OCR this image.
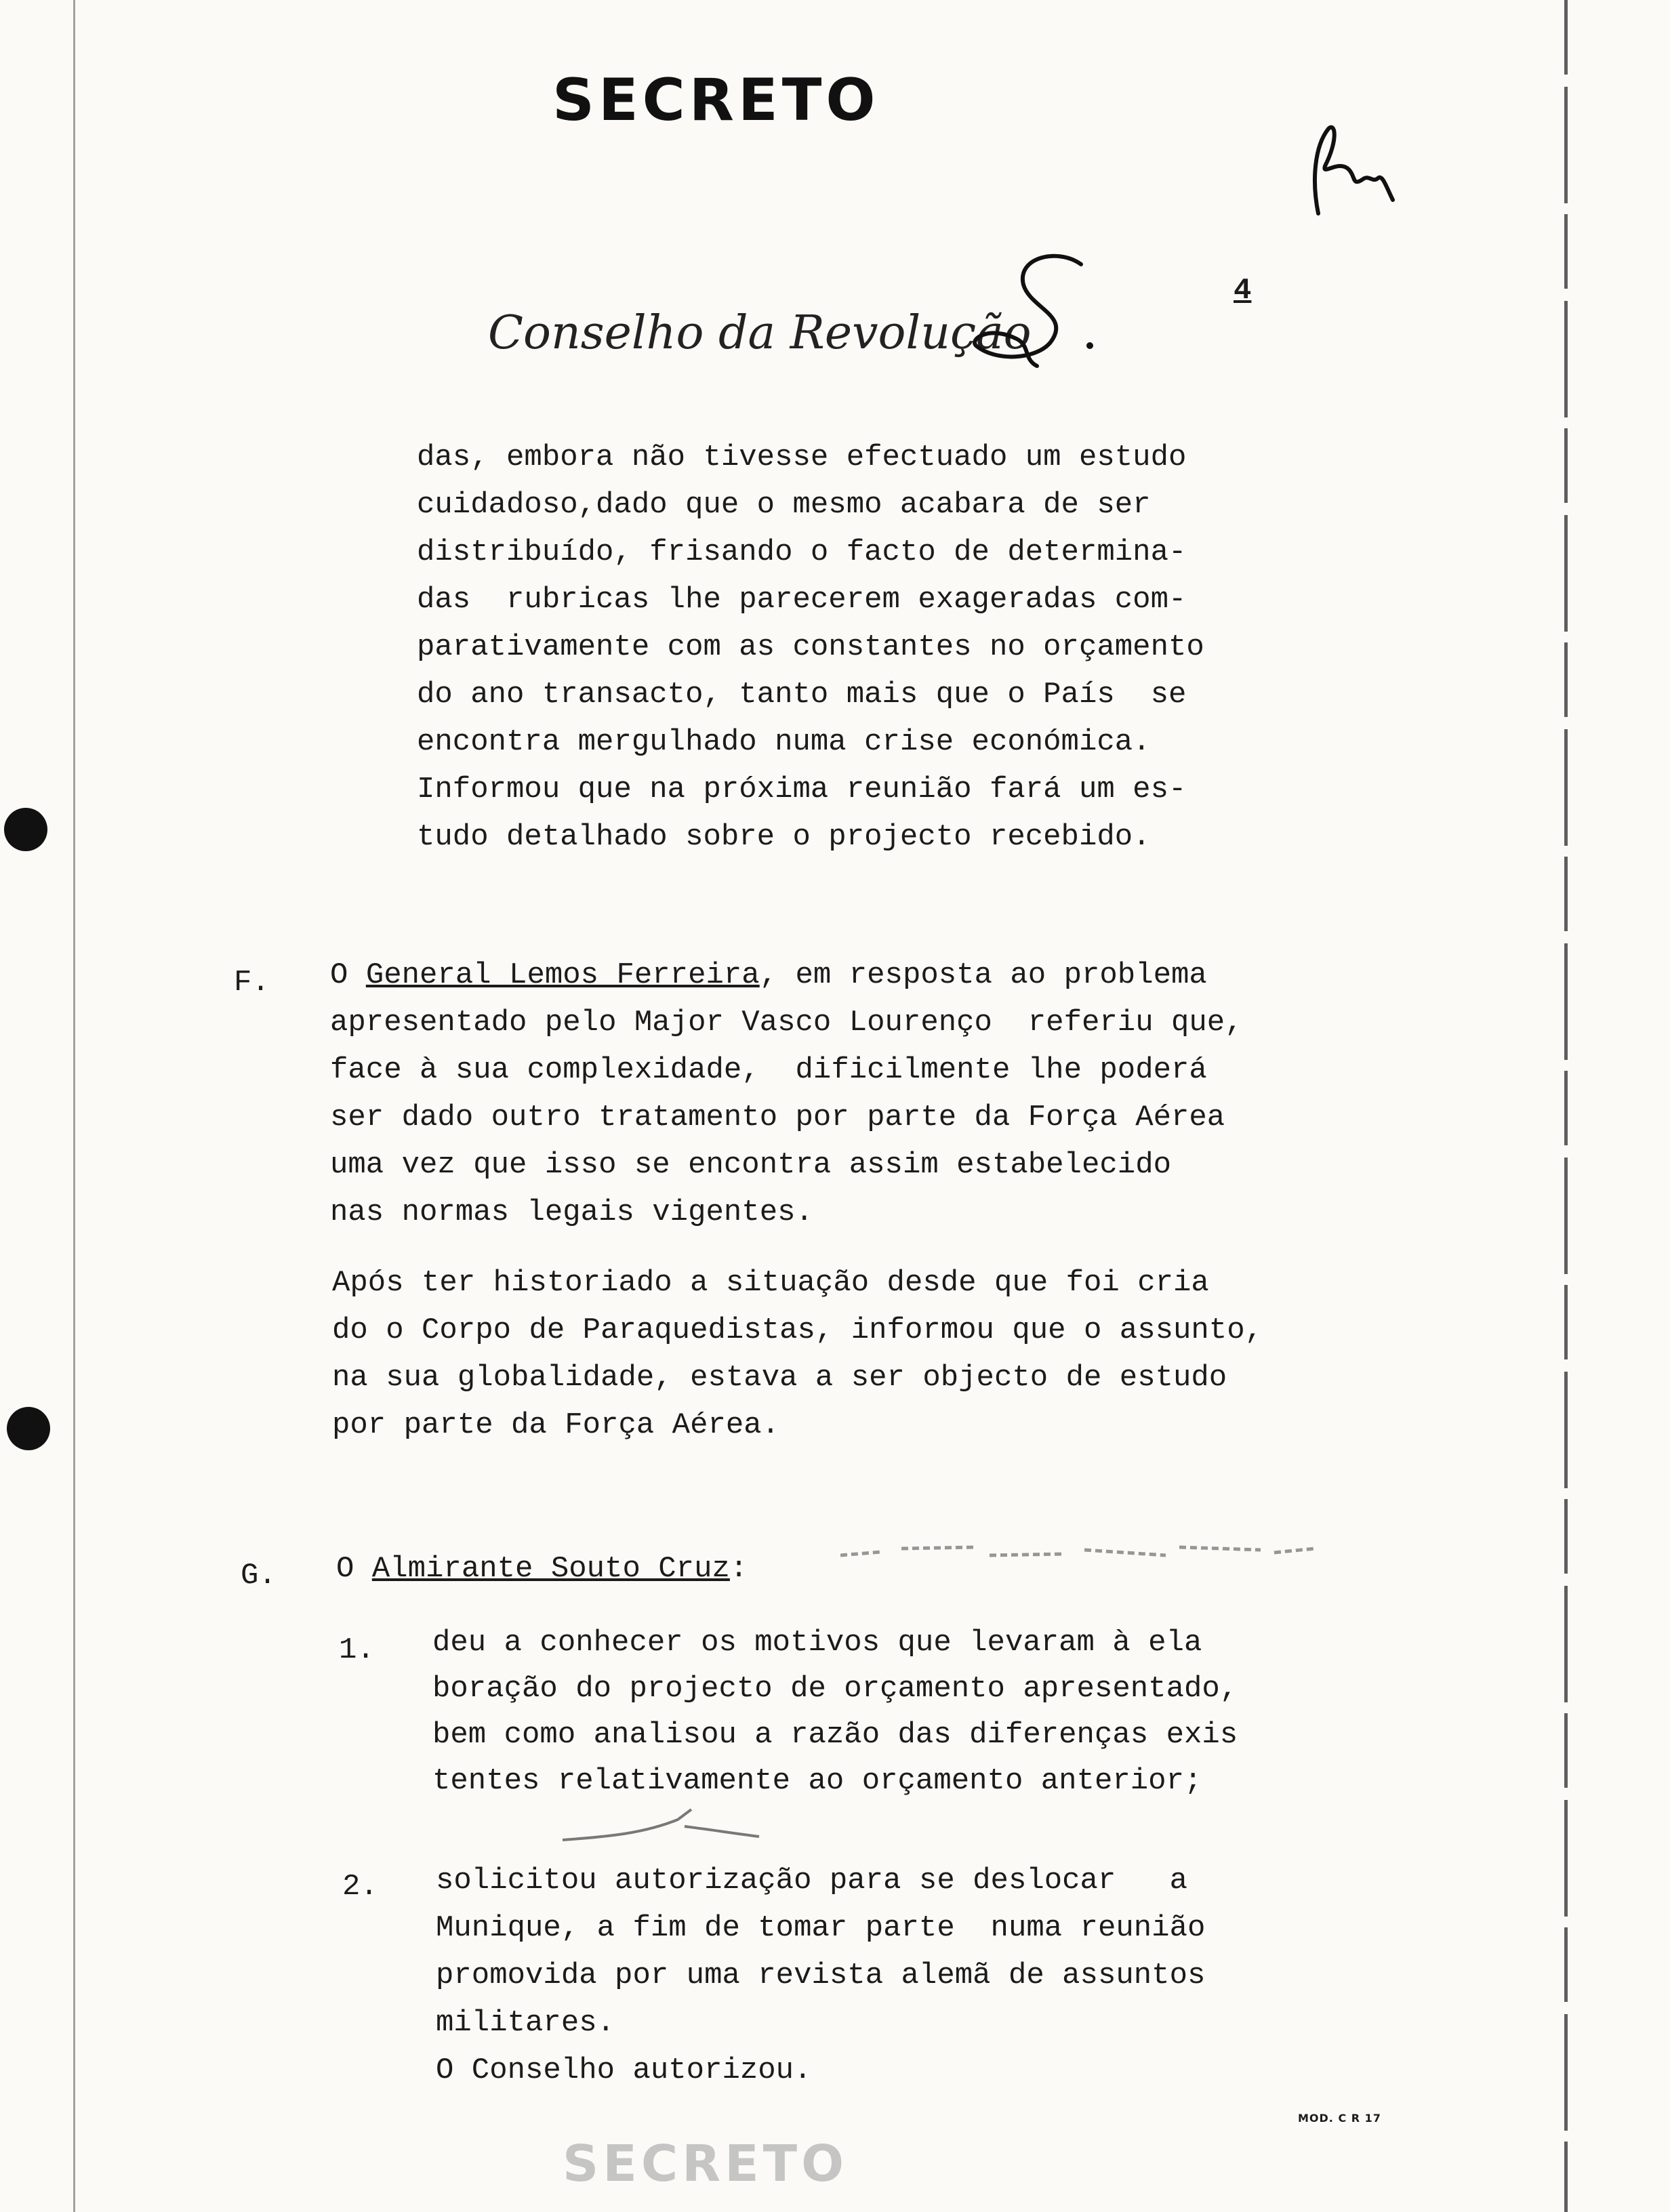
SECRETO
Conselho da Revolução
4

das, embora não tivesse efectuado um estudo
cuidadoso,dado que o mesmo acabara de ser
distribuído, frisando o facto de determina-
das  rubricas lhe parecerem exageradas com-
parativamente com as constantes no orçamento
do ano transacto, tanto mais que o País  se
encontra mergulhado numa crise económica.
Informou que na próxima reunião fará um es-
tudo detalhado sobre o projecto recebido.

F. O General Lemos Ferreira, em resposta ao problema
apresentado pelo Major Vasco Lourenço  referiu que,
face à sua complexidade,  dificilmente lhe poderá
ser dado outro tratamento por parte da Força Aérea
uma vez que isso se encontra assim estabelecido
nas normas legais vigentes.

Após ter historiado a situação desde que foi cria
do o Corpo de Paraquedistas, informou que o assunto,
na sua globalidade, estava a ser objecto de estudo
por parte da Força Aérea.

G. O Almirante Souto Cruz:

1. deu a conhecer os motivos que levaram à ela
boração do projecto de orçamento apresentado,
bem como analisou a razão das diferenças exis
tentes relativamente ao orçamento anterior;

2. solicitou autorização para se deslocar   a
Munique, a fim de tomar parte  numa reunião
promovida por uma revista alemã de assuntos
militares.
O Conselho autorizou.

MOD. C R 17
SECRETO
